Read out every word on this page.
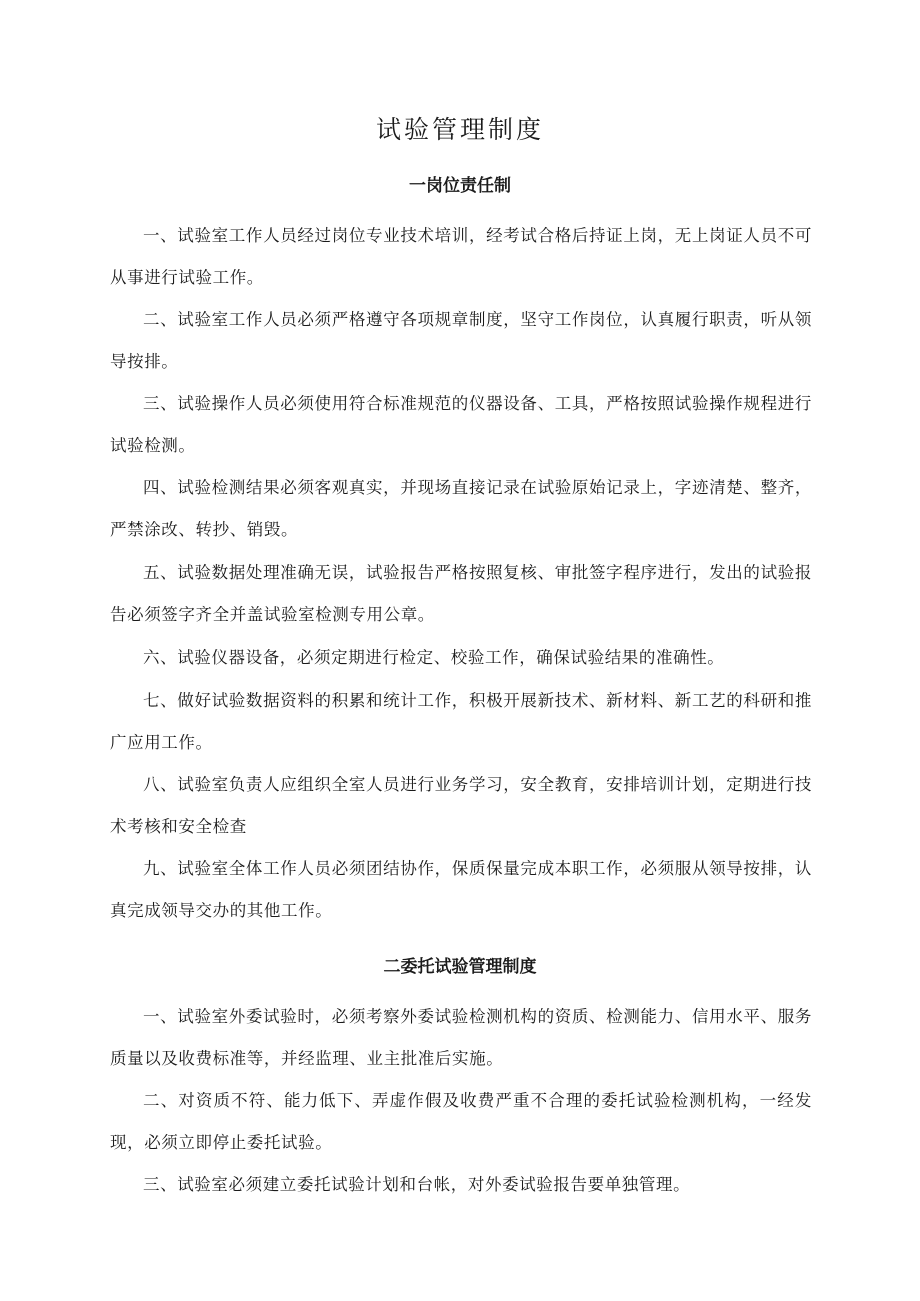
试验管理制度
一岗位责任制

一、试验室工作人员经过岗位专业技术培训，经考试合格后持证上岗，无上岗证人员不可从事进行试验工作。

二、试验室工作人员必须严格遵守各项规章制度，坚守工作岗位，认真履行职责，听从领导按排。

三、试验操作人员必须使用符合标准规范的仪器设备、工具，严格按照试验操作规程进行试验检测。

四、试验检测结果必须客观真实，并现场直接记录在试验原始记录上，字迹清楚、整齐，严禁涂改、转抄、销毁。

五、试验数据处理准确无误，试验报告严格按照复核、审批签字程序进行，发出的试验报告必须签字齐全并盖试验室检测专用公章。

六、试验仪器设备，必须定期进行检定、校验工作，确保试验结果的准确性。

七、做好试验数据资料的积累和统计工作，积极开展新技术、新材料、新工艺的科研和推广应用工作。

八、试验室负责人应组织全室人员进行业务学习，安全教育，安排培训计划，定期进行技术考核和安全检查

九、试验室全体工作人员必须团结协作，保质保量完成本职工作，必须服从领导按排，认真完成领导交办的其他工作。

二委托试验管理制度

一、试验室外委试验时，必须考察外委试验检测机构的资质、检测能力、信用水平、服务质量以及收费标准等，并经监理、业主批准后实施。

二、对资质不符、能力低下、弄虚作假及收费严重不合理的委托试验检测机构，一经发现，必须立即停止委托试验。

三、试验室必须建立委托试验计划和台帐，对外委试验报告要单独管理。
